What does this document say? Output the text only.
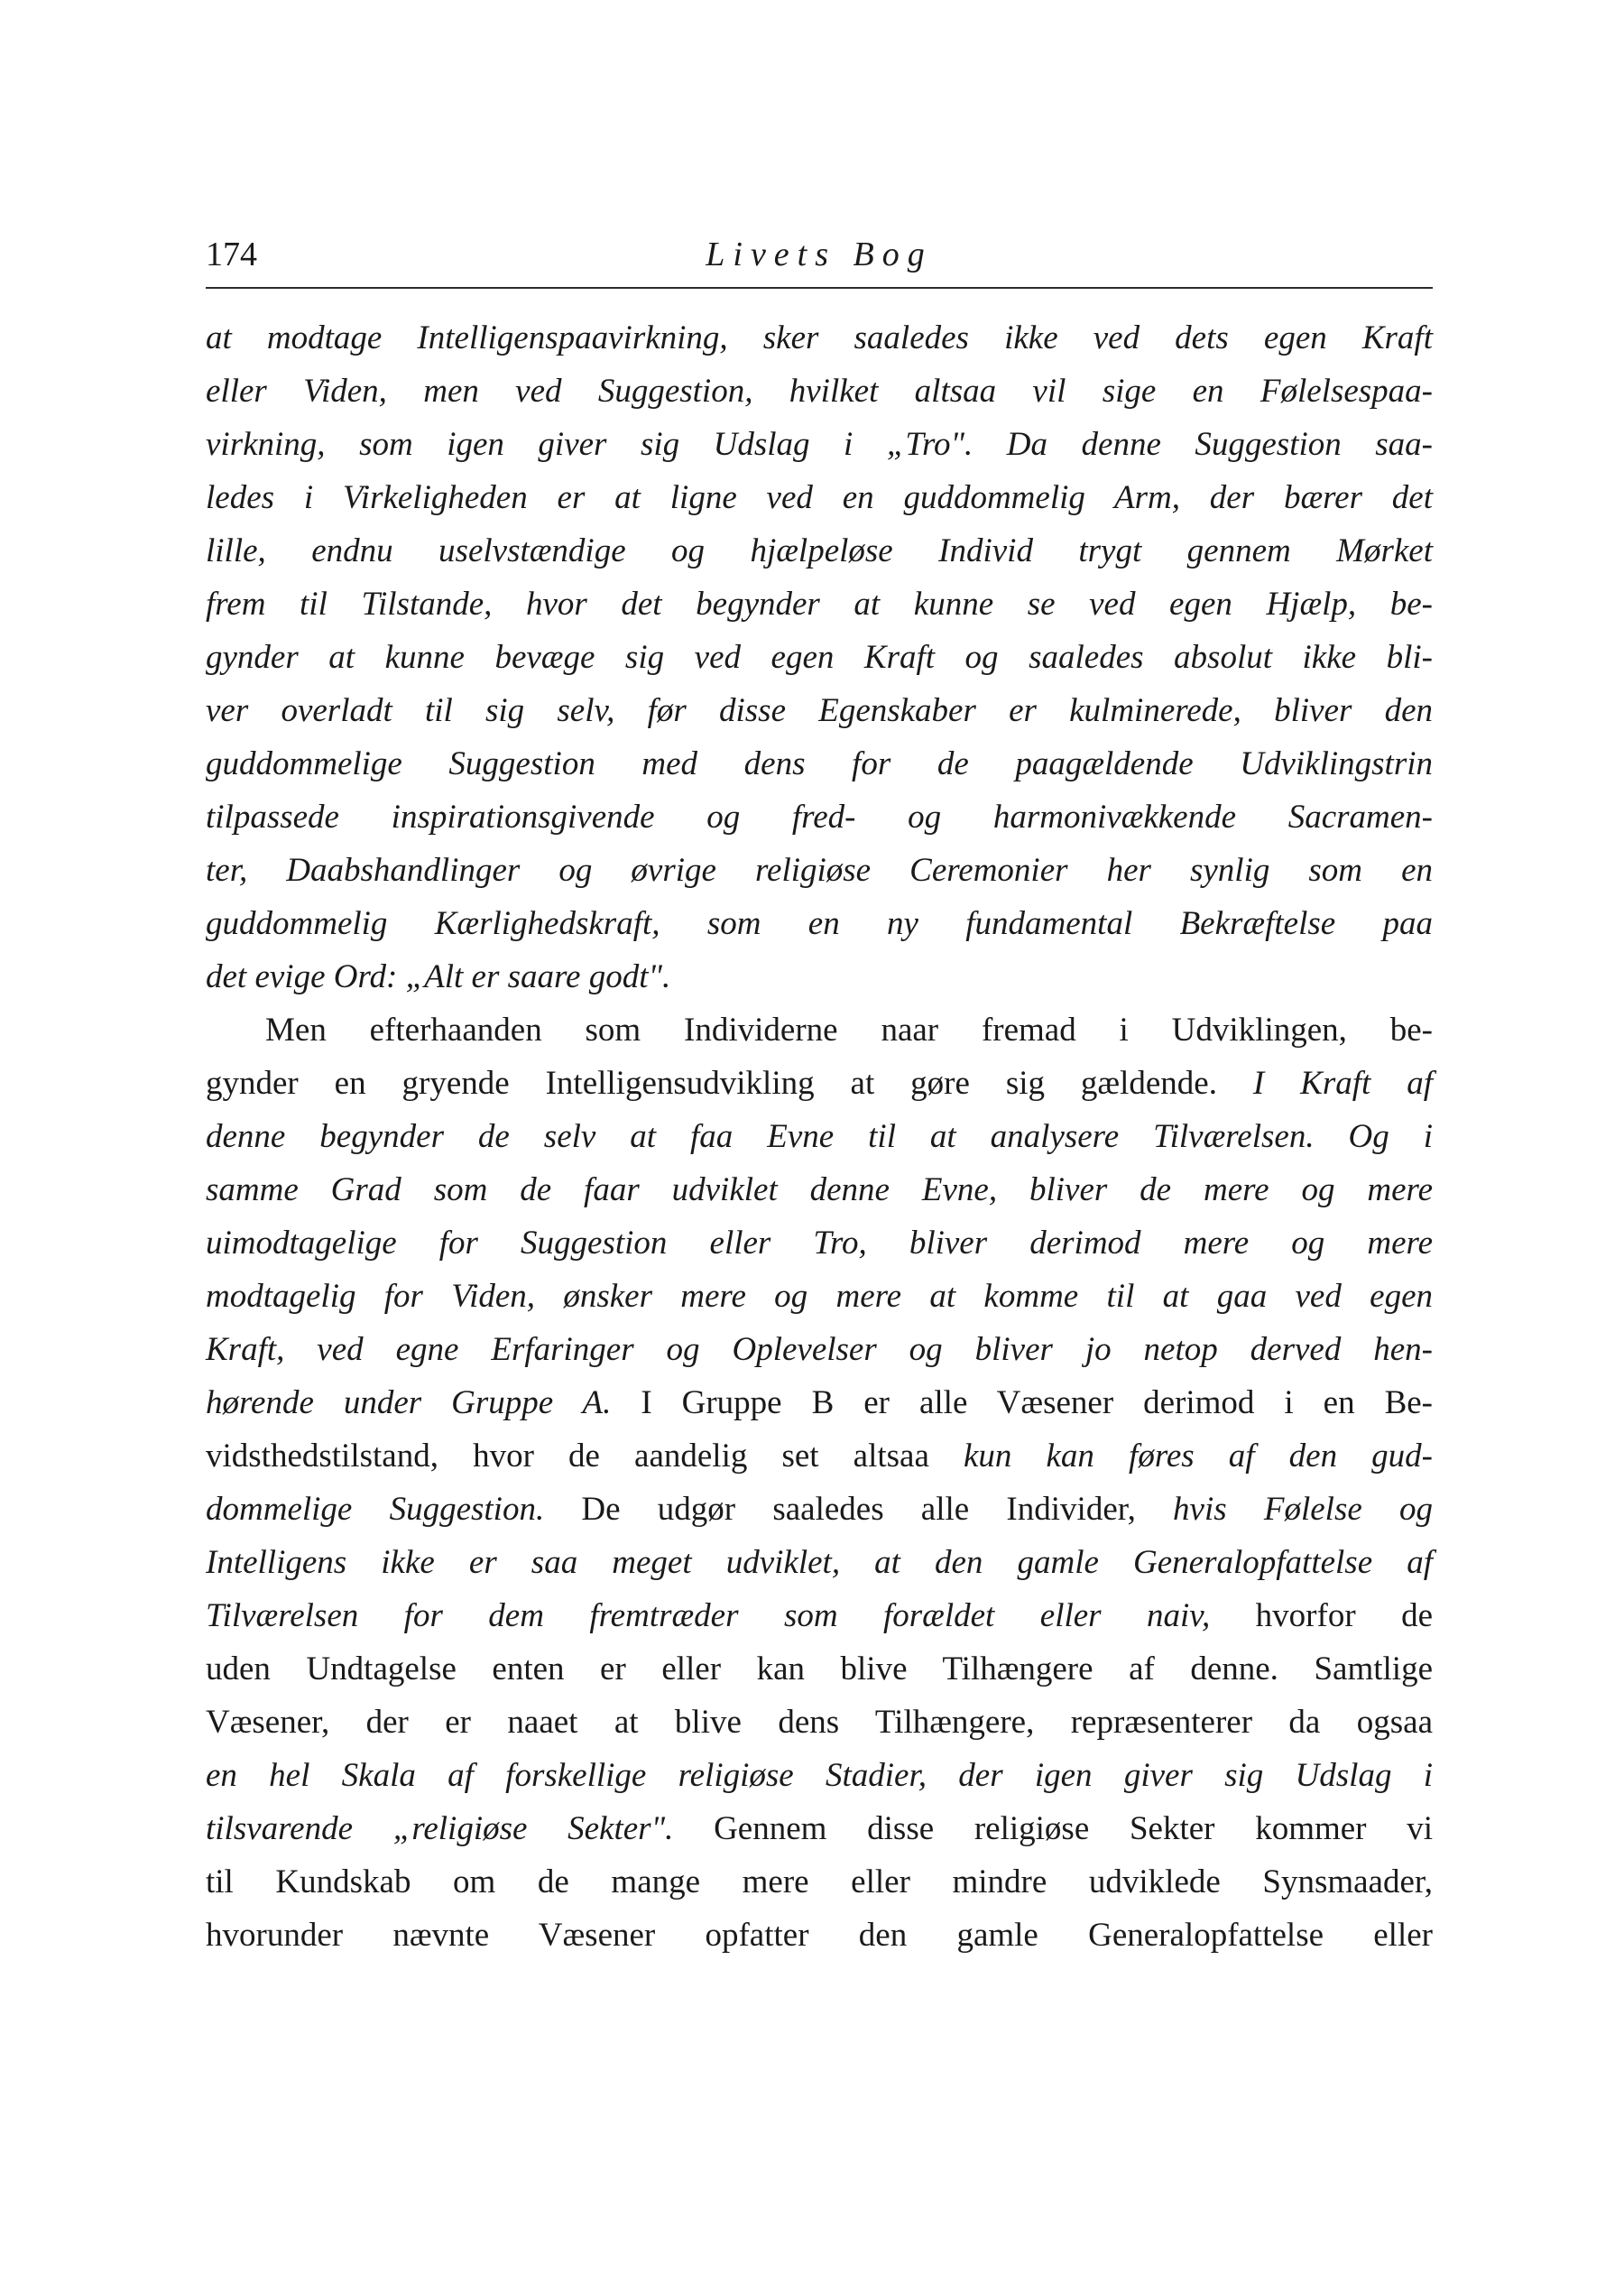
174	Livets Bog
at modtage Intelligenspaavirkning, sker saaledes ikke ved dets egen Kraft
eller Viden, men ved Suggestion, hvilket altsaa vil sige en Følelsespaa-
virkning, som igen giver sig Udslag i „Tro". Da denne Suggestion saa-
ledes i Virkeligheden er at ligne ved en guddommelig Arm, der bærer det
lille, endnu uselvstændige og hjælpeløse Individ trygt gennem Mørket
frem til Tilstande, hvor det begynder at kunne se ved egen Hjælp, be-
gynder at kunne bevæge sig ved egen Kraft og saaledes absolut ikke bli-
ver overladt til sig selv, før disse Egenskaber er kulminerede, bliver den
guddommelige Suggestion med dens for de paagældende Udviklingstrin
tilpassede inspirationsgivende og fred- og harmonivækkende Sacramen-
ter, Daabshandlinger og øvrige religiøse Ceremonier her synlig som en
guddommelig Kærlighedskraft, som en ny fundamental Bekræftelse paa
det evige Ord: „Alt er saare godt".
Men efterhaanden som Individerne naar fremad i Udviklingen, be-
gynder en gryende Intelligensudvikling at gøre sig gældende. I Kraft af
denne begynder de selv at faa Evne til at analysere Tilværelsen. Og i
samme Grad som de faar udviklet denne Evne, bliver de mere og mere
uimodtagelige for Suggestion eller Tro, bliver derimod mere og mere
modtagelig for Viden, ønsker mere og mere at komme til at gaa ved egen
Kraft, ved egne Erfaringer og Oplevelser og bliver jo netop derved hen-
hørende under Gruppe A. I Gruppe B er alle Væsener derimod i en Be-
vidsthedstilstand, hvor de aandelig set altsaa kun kan føres af den gud-
dommelige Suggestion. De udgør saaledes alle Individer, hvis Følelse og
Intelligens ikke er saa meget udviklet, at den gamle Generalopfattelse af
Tilværelsen for dem fremtræder som forældet eller naiv, hvorfor de
uden Undtagelse enten er eller kan blive Tilhængere af denne. Samtlige
Væsener, der er naaet at blive dens Tilhængere, repræsenterer da ogsaa
en hel Skala af forskellige religiøse Stadier, der igen giver sig Udslag i
tilsvarende „religiøse Sekter". Gennem disse religiøse Sekter kommer vi
til Kundskab om de mange mere eller mindre udviklede Synsmaader,
hvorunder nævnte Væsener opfatter den gamle Generalopfattelse eller
